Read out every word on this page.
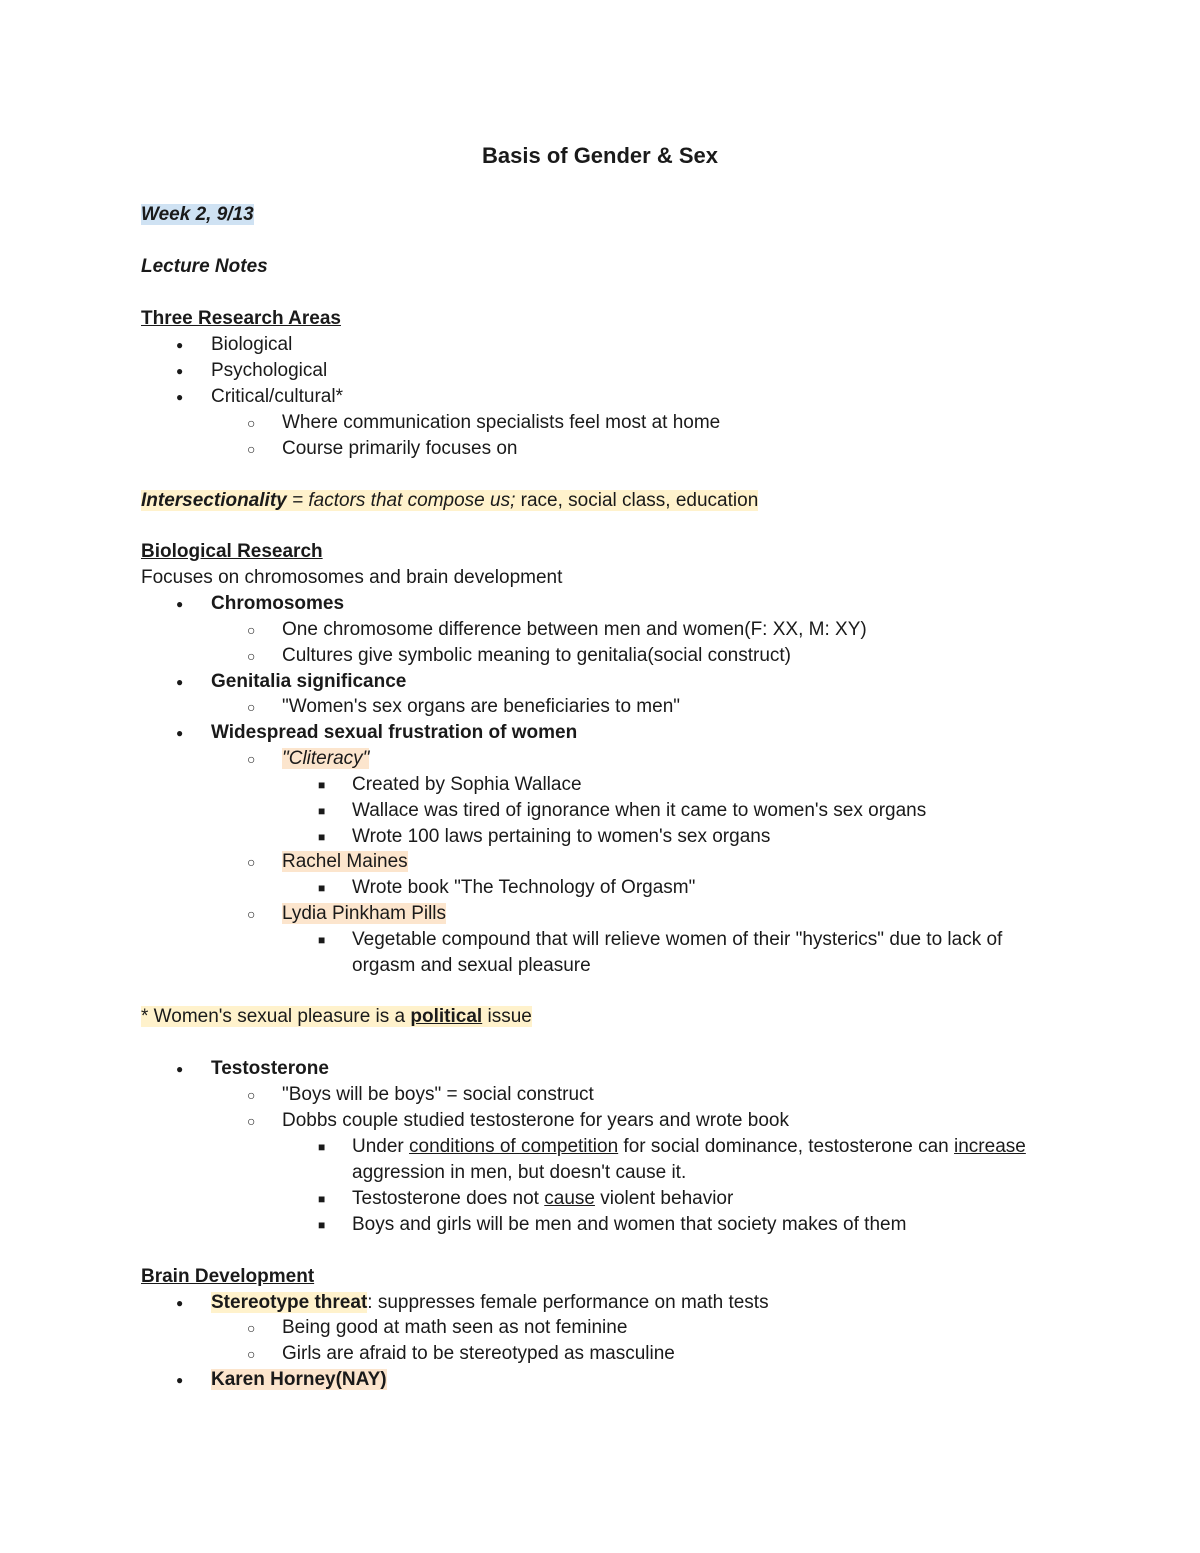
Basis of Gender & Sex
Week 2, 9/13
Lecture Notes
Three Research Areas
● Biological
● Psychological
● Critical/cultural*
○ Where communication specialists feel most at home
○ Course primarily focuses on
Intersectionality = factors that compose us; race, social class, education
Biological Research
Focuses on chromosomes and brain development
● Chromosomes
○ One chromosome difference between men and women(F: XX, M: XY)
○ Cultures give symbolic meaning to genitalia(social construct)
● Genitalia significance
○ "Women's sex organs are beneficiaries to men"
● Widespread sexual frustration of women
○ "Cliteracy"
■ Created by Sophia Wallace
■ Wallace was tired of ignorance when it came to women's sex organs
■ Wrote 100 laws pertaining to women's sex organs
○ Rachel Maines
■ Wrote book "The Technology of Orgasm"
○ Lydia Pinkham Pills
■ Vegetable compound that will relieve women of their "hysterics" due to lack of
orgasm and sexual pleasure
* Women's sexual pleasure is a political issue
● Testosterone
○ "Boys will be boys" = social construct
○ Dobbs couple studied testosterone for years and wrote book
■ Under conditions of competition for social dominance, testosterone can increase
aggression in men, but doesn't cause it.
■ Testosterone does not cause violent behavior
■ Boys and girls will be men and women that society makes of them
Brain Development
● Stereotype threat: suppresses female performance on math tests
○ Being good at math seen as not feminine
○ Girls are afraid to be stereotyped as masculine
● Karen Horney(NAY)
